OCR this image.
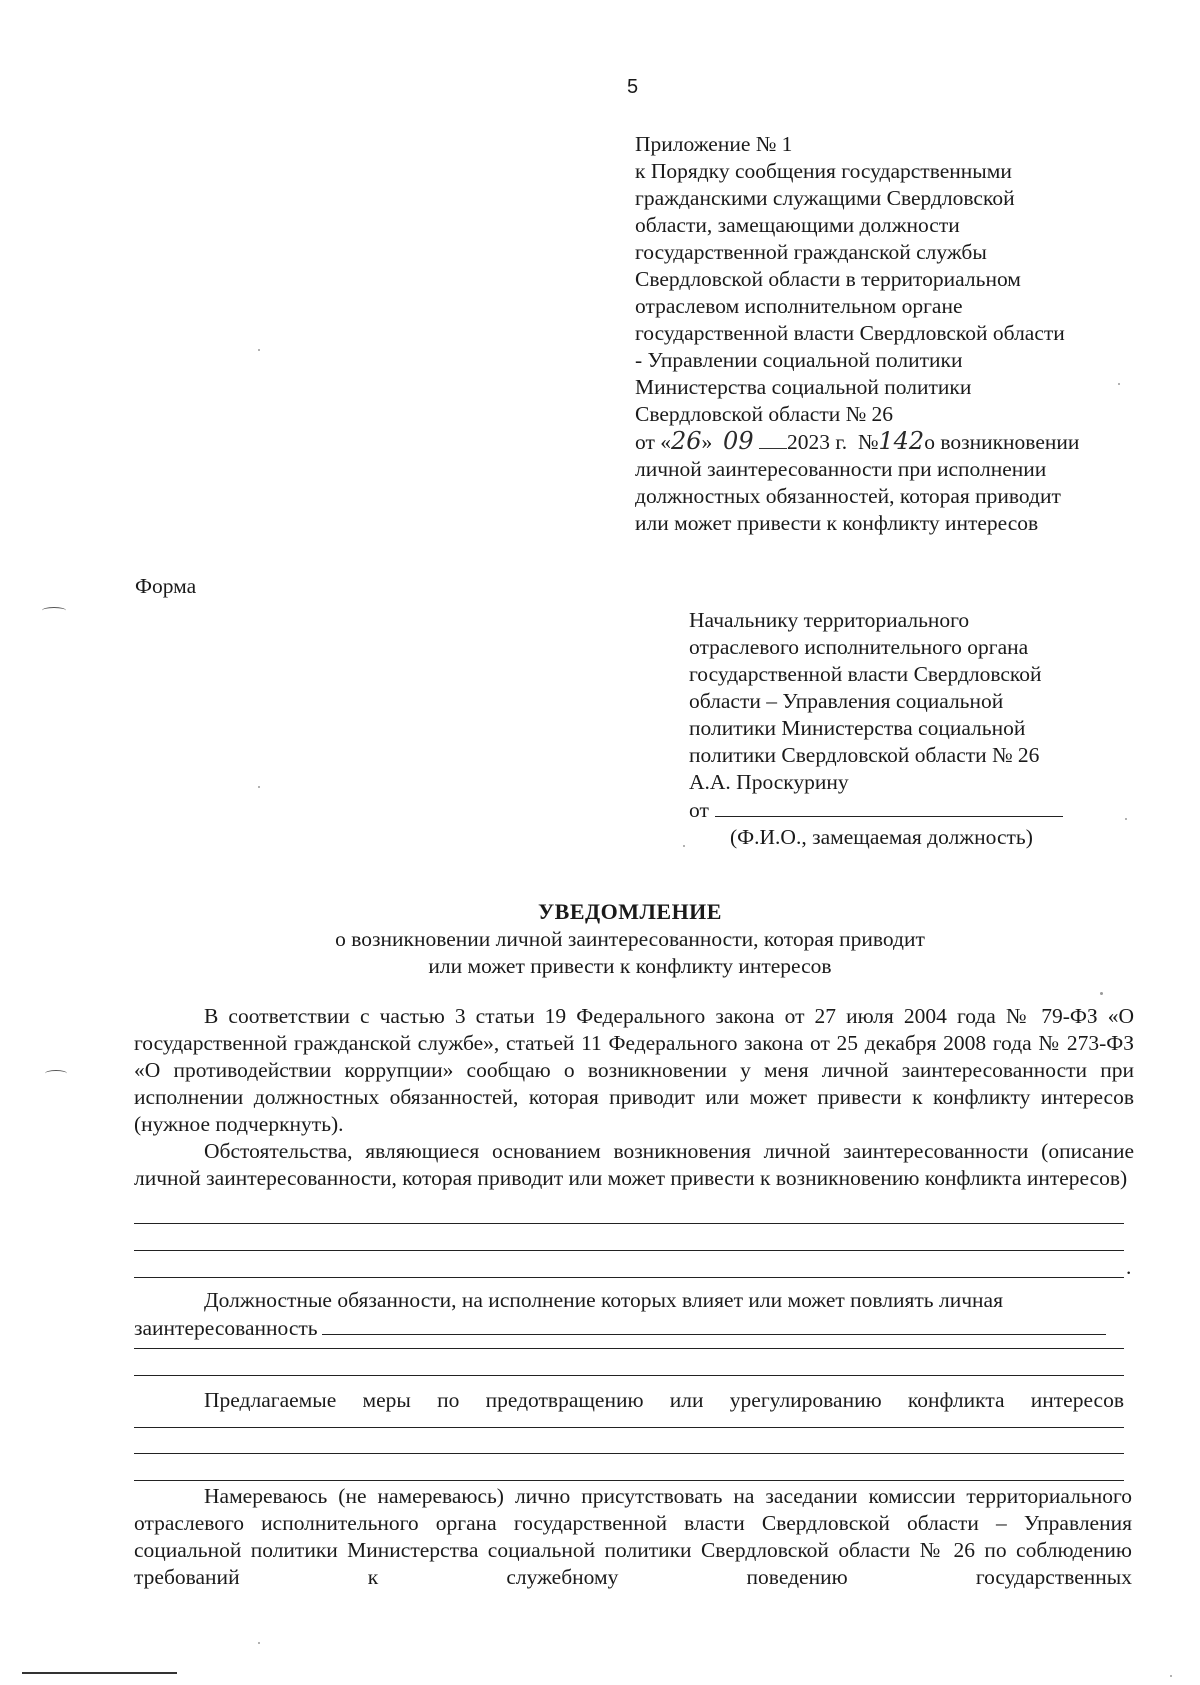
5
Приложение № 1
к Порядку сообщения государственными
гражданскими служащими Свердловской
области, замещающими должности
государственной гражданской службы
Свердловской области в территориальном
отраслевом исполнительном органе
государственной власти Свердловской области
- Управлении социальной политики
Министерства социальной политики
Свердловской области № 26
от «26» 09 2023 г. №142о возникновении
личной заинтересованности при исполнении
должностных обязанностей, которая приводит
или может привести к конфликту интересов
Форма
Начальнику территориального
отраслевого исполнительного органа
государственной власти Свердловской
области – Управления социальной
политики Министерства социальной
политики Свердловской области № 26
А.А. Проскурину
от
(Ф.И.О., замещаемая должность)
УВЕДОМЛЕНИЕ
о возникновении личной заинтересованности, которая приводит
или может привести к конфликту интересов
В соответствии с частью 3 статьи 19 Федерального закона от 27 июля 2004 года № 79-ФЗ «О государственной гражданской службе», статьей 11 Федерального закона от 25 декабря 2008 года № 273-ФЗ «О противодействии коррупции» сообщаю о возникновении у меня личной заинтересованности при исполнении должностных обязанностей, которая приводит или может привести к конфликту интересов (нужное подчеркнуть).
Обстоятельства, являющиеся основанием возникновения личной заинтересованности (описание личной заинтересованности, которая приводит или может привести к возникновению конфликта интересов)
.
Должностные обязанности, на исполнение которых влияет или может повлиять личная
заинтересованность
Предлагаемые меры по предотвращению или урегулированию конфликта интересов
Намереваюсь (не намереваюсь) лично присутствовать на заседании комиссии территориального отраслевого исполнительного органа государственной власти Свердловской области – Управления социальной политики Министерства социальной политики Свердловской области № 26 по соблюдению требований к служебному поведению государственных
